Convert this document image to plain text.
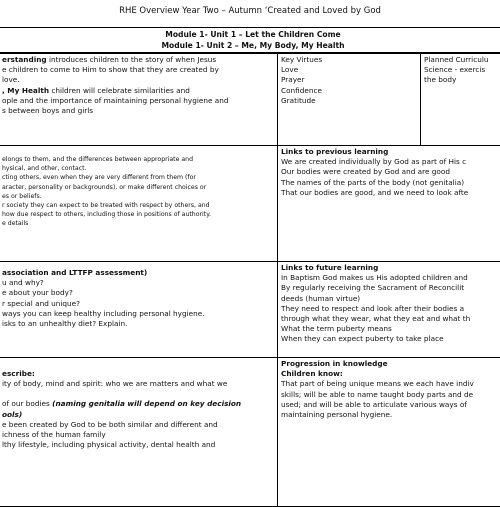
RHE Overview Year Two – Autumn ‘Created and Loved by God
Module 1- Unit 1 – Let the Children Come
Module 1- Unit 2 – Me, My Body, My Health
erstanding introduces children to the story of when Jesus
e children to come to Him to show that they are created by
love.
, My Health children will celebrate similarities and
ople and the importance of maintaining personal hygiene and
s between boys and girls
Key Virtues
Love
Prayer
Confidence
Gratitude
Planned Curriculu
Science - exercis
the body
elongs to them, and the differences between appropriate and
hysical, and other, contact.
cting others, even when they are very different from them (for
aracter, personality or backgrounds), or make different choices or
es or beliefs.
r society they can expect to be treated with respect by others, and
how due respect to others, including those in positions of authority.
e details
Links to previous learning
We are created individually by God as part of His c
Our bodies were created by God and are good
The names of the parts of the body (not genitalia)
That our bodies are good, and we need to look afte
association and LTTFP assessment)
u and why?
e about your body?
r special and unique?
ways you can keep healthy including personal hygiene.
isks to an unhealthy diet? Explain.
Links to future learning
In Baptism God makes us His adopted children and
By regularly receiving the Sacrament of Reconcilit
deeds (human virtue)
They need to respect and look after their bodies a
through what they wear, what they eat and what th
What the term puberty means
When they can expect puberty to take place
escribe:
ity of body, mind and spirit: who we are matters and what we
of our bodies (naming genitalia will depend on key decision
ools)
e been created by God to be both similar and different and
ichness of the human family
lthy lifestyle, including physical activity, dental health and
Progression in knowledge
Children know:
That part of being unique means we each have indiv
skills; will be able to name taught body parts and de
used; and will be able to articulate various ways of
maintaining personal hygiene.
